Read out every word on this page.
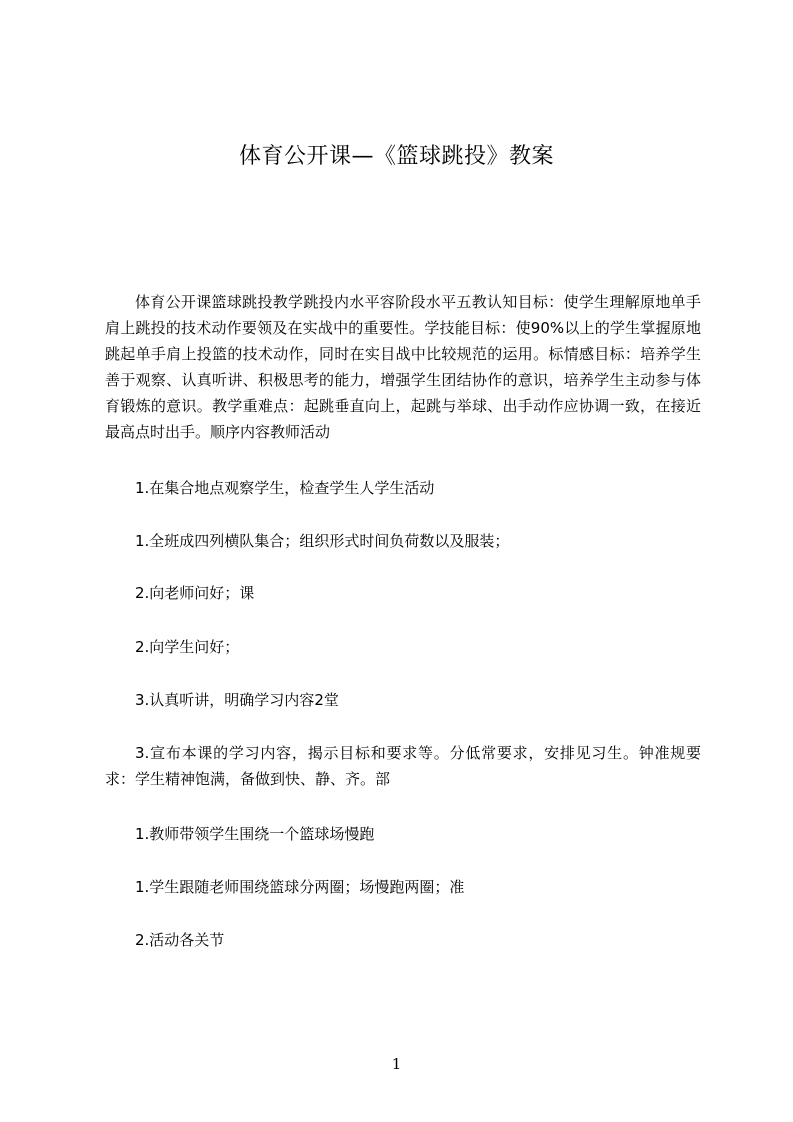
体育公开课—《篮球跳投》教案
体育公开课篮球跳投教学跳投内水平容阶段水平五教认知目标：使学生理解原地单手肩上跳投的技术动作要领及在实战中的重要性。学技能目标：使90%以上的学生掌握原地跳起单手肩上投篮的技术动作，同时在实目战中比较规范的运用。标情感目标：培养学生善于观察、认真听讲、积极思考的能力，增强学生团结协作的意识，培养学生主动参与体育锻炼的意识。教学重难点：起跳垂直向上，起跳与举球、出手动作应协调一致，在接近最高点时出手。顺序内容教师活动
1.在集合地点观察学生，检查学生人学生活动
1.全班成四列横队集合；组织形式时间负荷数以及服装；
2.向老师问好；课
2.向学生问好；
3.认真听讲，明确学习内容2堂
3.宣布本课的学习内容，揭示目标和要求等。分低常要求，安排见习生。钟准规要求：学生精神饱满，备做到快、静、齐。部
1.教师带领学生围绕一个篮球场慢跑
1.学生跟随老师围绕篮球分两圈；场慢跑两圈；准
2.活动各关节
1
